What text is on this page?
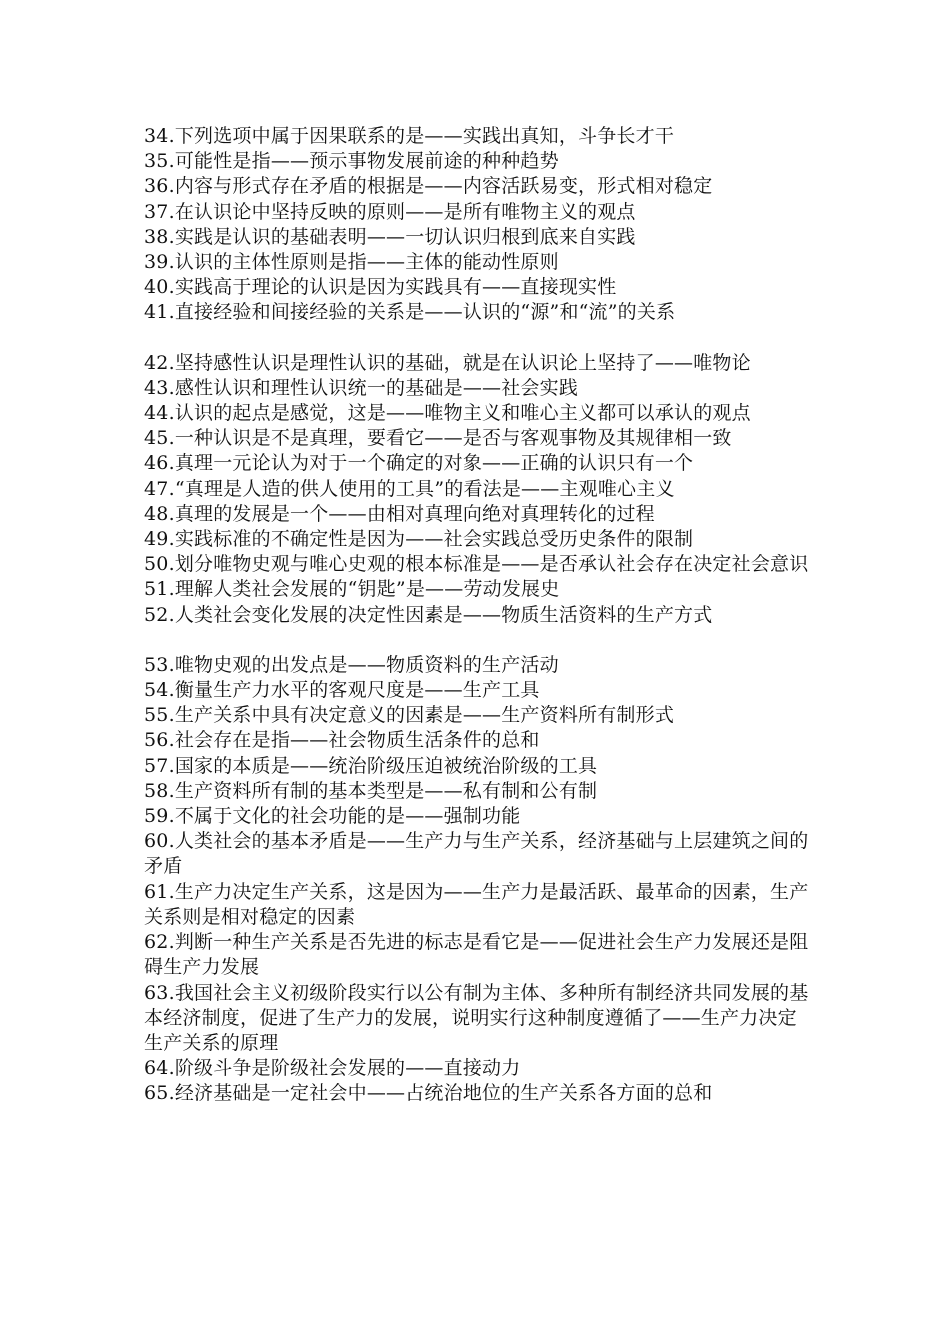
34.下列选项中属于因果联系的是——实践出真知，斗争长才干

35.可能性是指——预示事物发展前途的种种趋势

36.内容与形式存在矛盾的根据是——内容活跃易变，形式相对稳定

37.在认识论中坚持反映的原则——是所有唯物主义的观点

38.实践是认识的基础表明——一切认识归根到底来自实践

39.认识的主体性原则是指——主体的能动性原则

40.实践高于理论的认识是因为实践具有——直接现实性

41.直接经验和间接经验的关系是——认识的“源”和“流”的关系

42.坚持感性认识是理性认识的基础，就是在认识论上坚持了——唯物论

43.感性认识和理性认识统一的基础是——社会实践

44.认识的起点是感觉，这是——唯物主义和唯心主义都可以承认的观点

45.一种认识是不是真理，要看它——是否与客观事物及其规律相一致

46.真理一元论认为对于一个确定的对象——正确的认识只有一个

47.“真理是人造的供人使用的工具”的看法是——主观唯心主义

48.真理的发展是一个——由相对真理向绝对真理转化的过程

49.实践标准的不确定性是因为——社会实践总受历史条件的限制

50.划分唯物史观与唯心史观的根本标准是——是否承认社会存在决定社会意识

51.理解人类社会发展的“钥匙”是——劳动发展史

52.人类社会变化发展的决定性因素是——物质生活资料的生产方式

53.唯物史观的出发点是——物质资料的生产活动

54.衡量生产力水平的客观尺度是——生产工具

55.生产关系中具有决定意义的因素是——生产资料所有制形式

56.社会存在是指——社会物质生活条件的总和

57.国家的本质是——统治阶级压迫被统治阶级的工具

58.生产资料所有制的基本类型是——私有制和公有制

59.不属于文化的社会功能的是——强制功能

60.人类社会的基本矛盾是——生产力与生产关系，经济基础与上层建筑之间的矛盾

61.生产力决定生产关系，这是因为——生产力是最活跃、最革命的因素，生产关系则是相对稳定的因素

62.判断一种生产关系是否先进的标志是看它是——促进社会生产力发展还是阻碍生产力发展

63.我国社会主义初级阶段实行以公有制为主体、多种所有制经济共同发展的基本经济制度，促进了生产力的发展，说明实行这种制度遵循了——生产力决定生产关系的原理

64.阶级斗争是阶级社会发展的——直接动力

65.经济基础是一定社会中——占统治地位的生产关系各方面的总和
